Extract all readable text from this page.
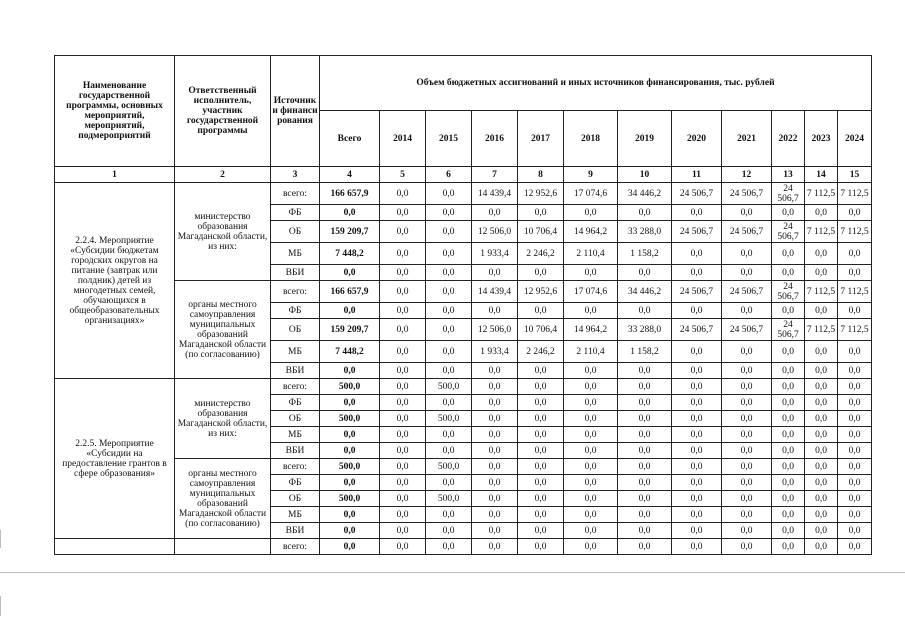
Наименование государственной программы, основных мероприятий, мероприятий, подмероприятий	Ответственный исполнитель, участник государственной программы	Источники финансирования	Объем бюджетных ассигнований и иных источников финансирования, тыс. рублей											
			Всего	2014	2015	2016	2017	2018	2019	2020	2021	2022	2023	2024
1	2	3	4	5	6	7	8	9	10	11	12	13	14	15
2.2.4. Мероприятие «Субсидии бюджетам городских округов на питание (завтрак или полдник) детей из многодетных семей, обучающихся в общеобразовательных организациях»	министерство образования Магаданской области, из них:	всего:	166 657,9	0,0	0,0	14 439,4	12 952,6	17 074,6	34 446,2	24 506,7	24 506,7	24 506,7	7 112,5	7 112,5
		ФБ	0,0	0,0	0,0	0,0	0,0	0,0	0,0	0,0	0,0	0,0	0,0	0,0
		ОБ	159 209,7	0,0	0,0	12 506,0	10 706,4	14 964,2	33 288,0	24 506,7	24 506,7	24 506,7	7 112,5	7 112,5
		МБ	7 448,2	0,0	0,0	1 933,4	2 246,2	2 110,4	1 158,2	0,0	0,0	0,0	0,0	0,0
		ВБИ	0,0	0,0	0,0	0,0	0,0	0,0	0,0	0,0	0,0	0,0	0,0	0,0
	органы местного самоуправления муниципальных образований Магаданской области (по согласованию)	всего:	166 657,9	0,0	0,0	14 439,4	12 952,6	17 074,6	34 446,2	24 506,7	24 506,7	24 506,7	7 112,5	7 112,5
		ФБ	0,0	0,0	0,0	0,0	0,0	0,0	0,0	0,0	0,0	0,0	0,0	0,0
		ОБ	159 209,7	0,0	0,0	12 506,0	10 706,4	14 964,2	33 288,0	24 506,7	24 506,7	24 506,7	7 112,5	7 112,5
		МБ	7 448,2	0,0	0,0	1 933,4	2 246,2	2 110,4	1 158,2	0,0	0,0	0,0	0,0	0,0
		ВБИ	0,0	0,0	0,0	0,0	0,0	0,0	0,0	0,0	0,0	0,0	0,0	0,0
2.2.5. Мероприятие «Субсидии на предоставление грантов в сфере образования»	министерство образования Магаданской области, из них:	всего:	500,0	0,0	500,0	0,0	0,0	0,0	0,0	0,0	0,0	0,0	0,0	0,0
		ФБ	0,0	0,0	0,0	0,0	0,0	0,0	0,0	0,0	0,0	0,0	0,0	0,0
		ОБ	500,0	0,0	500,0	0,0	0,0	0,0	0,0	0,0	0,0	0,0	0,0	0,0
		МБ	0,0	0,0	0,0	0,0	0,0	0,0	0,0	0,0	0,0	0,0	0,0	0,0
		ВБИ	0,0	0,0	0,0	0,0	0,0	0,0	0,0	0,0	0,0	0,0	0,0	0,0
	органы местного самоуправления муниципальных образований Магаданской области (по согласованию)	всего:	500,0	0,0	500,0	0,0	0,0	0,0	0,0	0,0	0,0	0,0	0,0	0,0
		ФБ	0,0	0,0	0,0	0,0	0,0	0,0	0,0	0,0	0,0	0,0	0,0	0,0
		ОБ	500,0	0,0	500,0	0,0	0,0	0,0	0,0	0,0	0,0	0,0	0,0	0,0
		МБ	0,0	0,0	0,0	0,0	0,0	0,0	0,0	0,0	0,0	0,0	0,0	0,0
		ВБИ	0,0	0,0	0,0	0,0	0,0	0,0	0,0	0,0	0,0	0,0	0,0	0,0
		всего:	0,0	0,0	0,0	0,0	0,0	0,0	0,0	0,0	0,0	0,0	0,0	0,0
